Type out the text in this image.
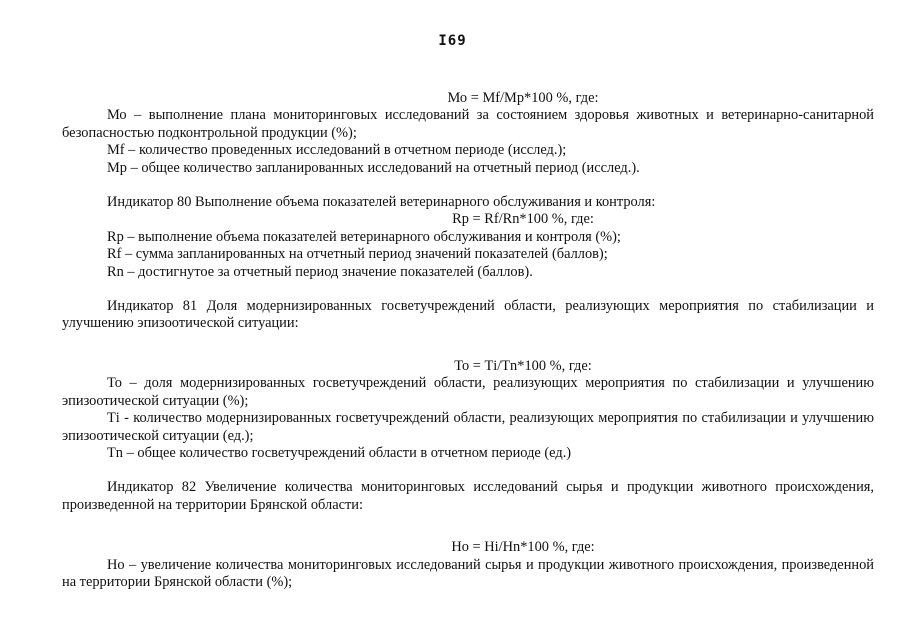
I69

Мо = Мf/Мр*100 %, где:

Мо – выполнение плана мониторинговых исследований за состоянием здоровья животных и ветеринарно-санитарной безопасностью подконтрольной продукции (%);

Мf – количество проведенных исследований в отчетном периоде (исслед.);

Мр – общее количество запланированных исследований на отчетный период (исслед.).

Индикатор 80 Выполнение объема показателей ветеринарного обслуживания и контроля:

Rр = Rf/Rn*100 %, где:

Rр – выполнение объема показателей ветеринарного обслуживания и контроля (%);

Rf – сумма запланированных на отчетный период значений показателей (баллов);

Rn – достигнутое за отчетный период значение показателей (баллов).

Индикатор 81 Доля модернизированных госветучреждений области, реализующих мероприятия по стабилизации и улучшению эпизоотической ситуации:

То = Тi/Тn*100 %, где:

То – доля модернизированных госветучреждений области, реализующих мероприятия по стабилизации и улучшению эпизоотической ситуации (%);

Тi - количество модернизированных госветучреждений области, реализующих мероприятия по стабилизации и улучшению эпизоотической ситуации (ед.);

Тn – общее количество госветучреждений области в отчетном периоде (ед.)

Индикатор 82 Увеличение количества мониторинговых исследований сырья и продукции животного происхождения, произведенной на территории Брянской области:

Но = Нi/Нn*100 %, где:

Но – увеличение количества мониторинговых исследований сырья и продукции животного происхождения, произведенной на территории Брянской области (%);
